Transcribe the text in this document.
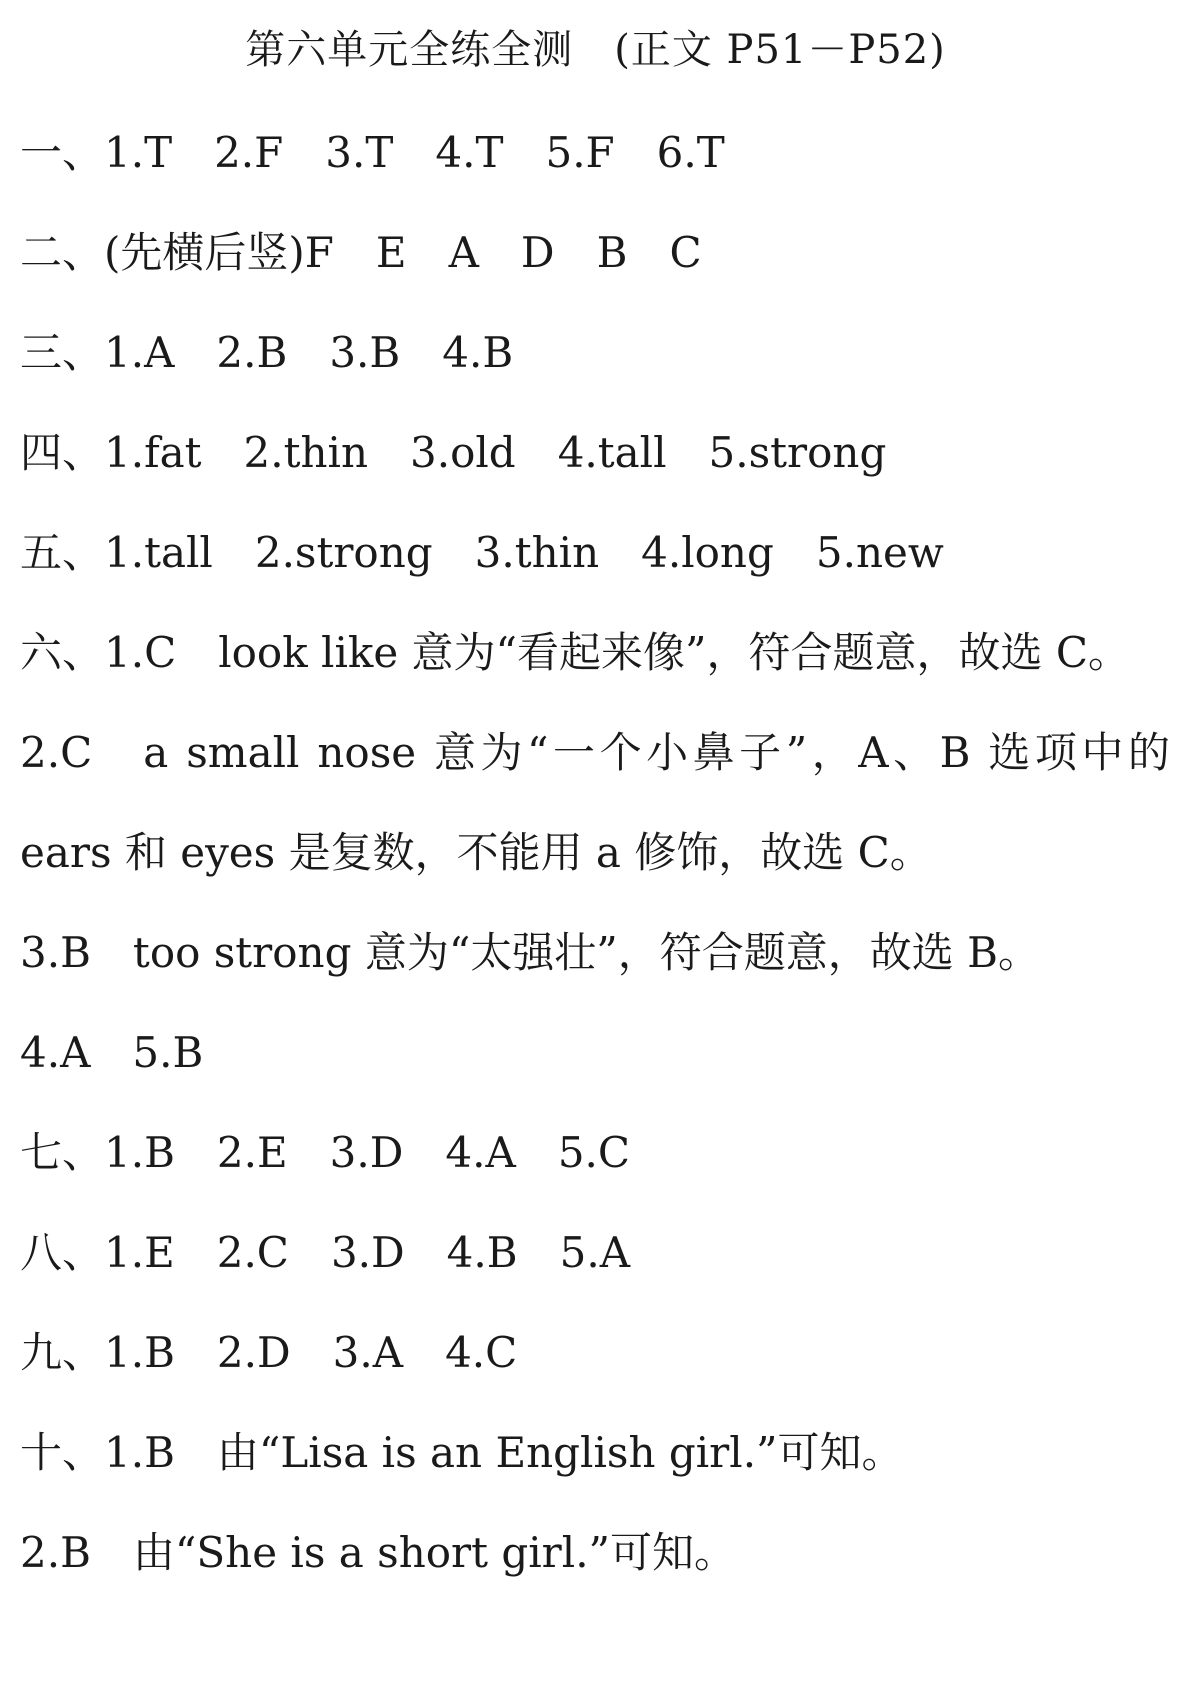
第六单元全练全测　(正文 P51－P52)
一、1.T　2.F　3.T　4.T　5.F　6.T
二、(先横后竖)F　E　A　D　B　C
三、1.A　2.B　3.B　4.B
四、1.fat　2.thin　3.old　4.tall　5.strong
五、1.tall　2.strong　3.thin　4.long　5.new
六、1.C　look like 意为“看起来像”，符合题意，故选 C。
2.C　a small nose 意为“一个小鼻子”，A、B 选项中的
ears 和 eyes 是复数，不能用 a 修饰，故选 C。
3.B　too strong 意为“太强壮”，符合题意，故选 B。
4.A　5.B
七、1.B　2.E　3.D　4.A　5.C
八、1.E　2.C　3.D　4.B　5.A
九、1.B　2.D　3.A　4.C
十、1.B　由“Lisa is an English girl.”可知。
2.B　由“She is a short girl.”可知。
